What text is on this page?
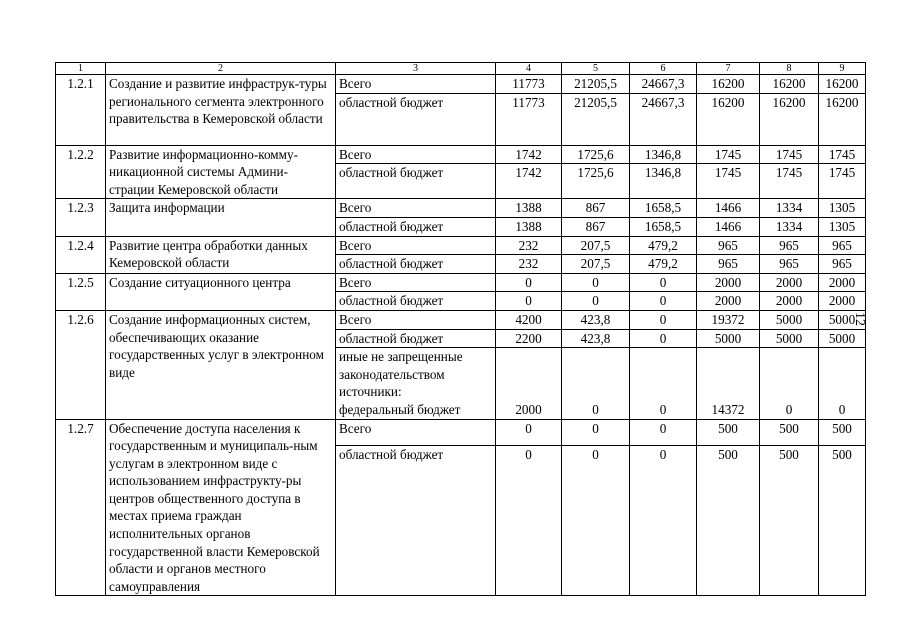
1	2	3	4	5	6	7	8	9
1.2.1	Создание и развитие инфраструк-туры регионального сегмента электронного правительства в Кемеровской области	Всего	11773	21205,5	24667,3	16200	16200	16200
		областной бюджет	11773	21205,5	24667,3	16200	16200	16200
1.2.2	Развитие информационно-комму-никационной системы Админи-страции Кемеровской области	Всего	1742	1725,6	1346,8	1745	1745	1745
		областной бюджет	1742	1725,6	1346,8	1745	1745	1745
1.2.3	Защита информации	Всего	1388	867	1658,5	1466	1334	1305
		областной бюджет	1388	867	1658,5	1466	1334	1305
1.2.4	Развитие центра обработки данных Кемеровской области	Всего	232	207,5	479,2	965	965	965
		областной бюджет	232	207,5	479,2	965	965	965
1.2.5	Создание ситуационного центра	Всего	0	0	0	2000	2000	2000
		областной бюджет	0	0	0	2000	2000	2000
1.2.6	Создание информационных систем, обеспечивающих оказание государственных услуг в электронном виде	Всего	4200	423,8	0	19372	5000	5000
		областной бюджет	2200	423,8	0	5000	5000	5000
		иные не запрещенные законодательством источники: федеральный бюджет	2000	0	0	14372	0	0
1.2.7	Обеспечение доступа населения к государственным и муниципаль-ным услугам в электронном виде с использованием инфраструкту-ры центров общественного доступа в местах приема граждан исполнительных органов государственной власти Кемеровской области и органов местного самоуправления	Всего	0	0	0	500	500	500
		областной бюджет	0	0	0	500	500	500
12
